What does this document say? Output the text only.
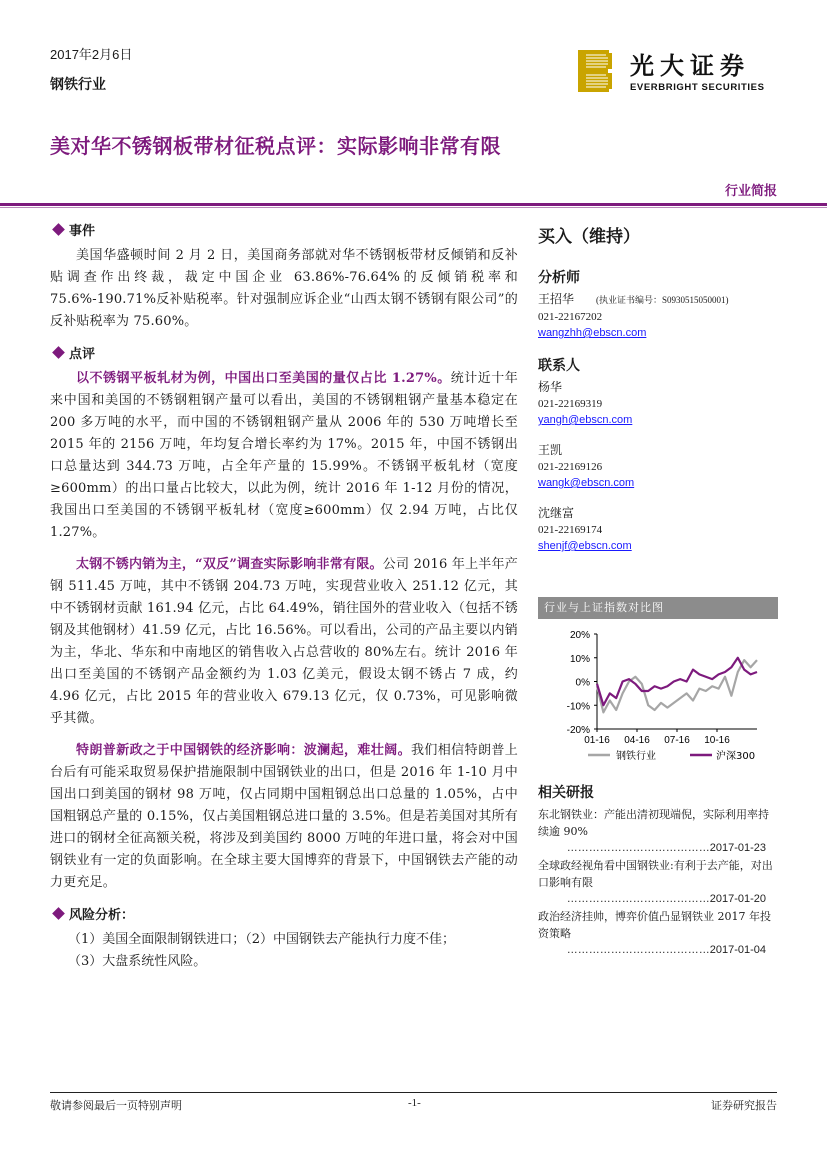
2017年2月6日
钢铁行业
光大证券
EVERBRIGHT SECURITIES
美对华不锈钢板带材征税点评：实际影响非常有限
行业简报
事件

美国华盛顿时间 2 月 2 日，美国商务部就对华不锈钢板带材反倾销和反补贴调查作出终裁，裁定中国企业 63.86%-76.64%的反倾销税率和 75.6%-190.71%反补贴税率。针对强制应诉企业“山西太钢不锈钢有限公司”的反补贴税率为 75.60%。

点评

以不锈钢平板轧材为例，中国出口至美国的量仅占比 1.27%。统计近十年来中国和美国的不锈钢粗钢产量可以看出，美国的不锈钢粗钢产量基本稳定在 200 多万吨的水平，而中国的不锈钢粗钢产量从 2006 年的 530 万吨增长至 2015 年的 2156 万吨，年均复合增长率约为 17%。2015 年，中国不锈钢出口总量达到 344.73 万吨，占全年产量的 15.99%。不锈钢平板轧材（宽度≥600mm）的出口量占比较大，以此为例，统计 2016 年 1-12 月份的情况，我国出口至美国的不锈钢平板轧材（宽度≥600mm）仅 2.94 万吨，占比仅 1.27%。

太钢不锈内销为主，“双反”调查实际影响非常有限。公司 2016 年上半年产钢 511.45 万吨，其中不锈钢 204.73 万吨，实现营业收入 251.12 亿元，其中不锈钢材贡献 161.94 亿元，占比 64.49%，销往国外的营业收入（包括不锈钢及其他钢材）41.59 亿元，占比 16.56%。可以看出，公司的产品主要以内销为主，华北、华东和中南地区的销售收入占总营收的 80%左右。统计 2016 年出口至美国的不锈钢产品金额约为 1.03 亿美元，假设太钢不锈占 7 成，约 4.96 亿元，占比 2015 年的营业收入 679.13 亿元，仅 0.73%，可见影响微乎其微。

特朗普新政之于中国钢铁的经济影响：波澜起，难壮阔。我们相信特朗普上台后有可能采取贸易保护措施限制中国钢铁业的出口，但是 2016 年 1-10 月中国出口到美国的钢材 98 万吨，仅占同期中国粗钢总出口总量的 1.05%，占中国粗钢总产量的 0.15%，仅占美国粗钢总进口量的 3.5%。但是若美国对其所有进口的钢材全征高额关税，将涉及到美国约 8000 万吨的年进口量，将会对中国钢铁业有一定的负面影响。在全球主要大国博弈的背景下，中国钢铁去产能的动力更充足。

风险分析：

（1）美国全面限制钢铁进口；（2）中国钢铁去产能执行力度不佳；（3）大盘系统性风险。

买入（维持）
分析师
王招华 (执业证书编号：S0930515050001)
021-22167202
wangzhh@ebscn.com
联系人
杨华
021-22169319
yangh@ebscn.com
王凯
021-22169126
wangk@ebscn.com
沈继富
021-22169174
shenjf@ebscn.com
行业与上证指数对比图
20%
10%
0%
-10%
-20%
01-16 04-16 07-16 10-16
钢铁行业	沪深300
相关研报
东北钢铁业：产能出清初现端倪，实际利用率持续逾 90%
…………………………………2017-01-23
全球政经视角看中国钢铁业:有利于去产能，对出口影响有限
…………………………………2017-01-20
政治经济挂帅，博弈价值凸显钢铁业 2017 年投资策略
…………………………………2017-01-04
敬请参阅最后一页特别声明	-1-	证券研究报告
